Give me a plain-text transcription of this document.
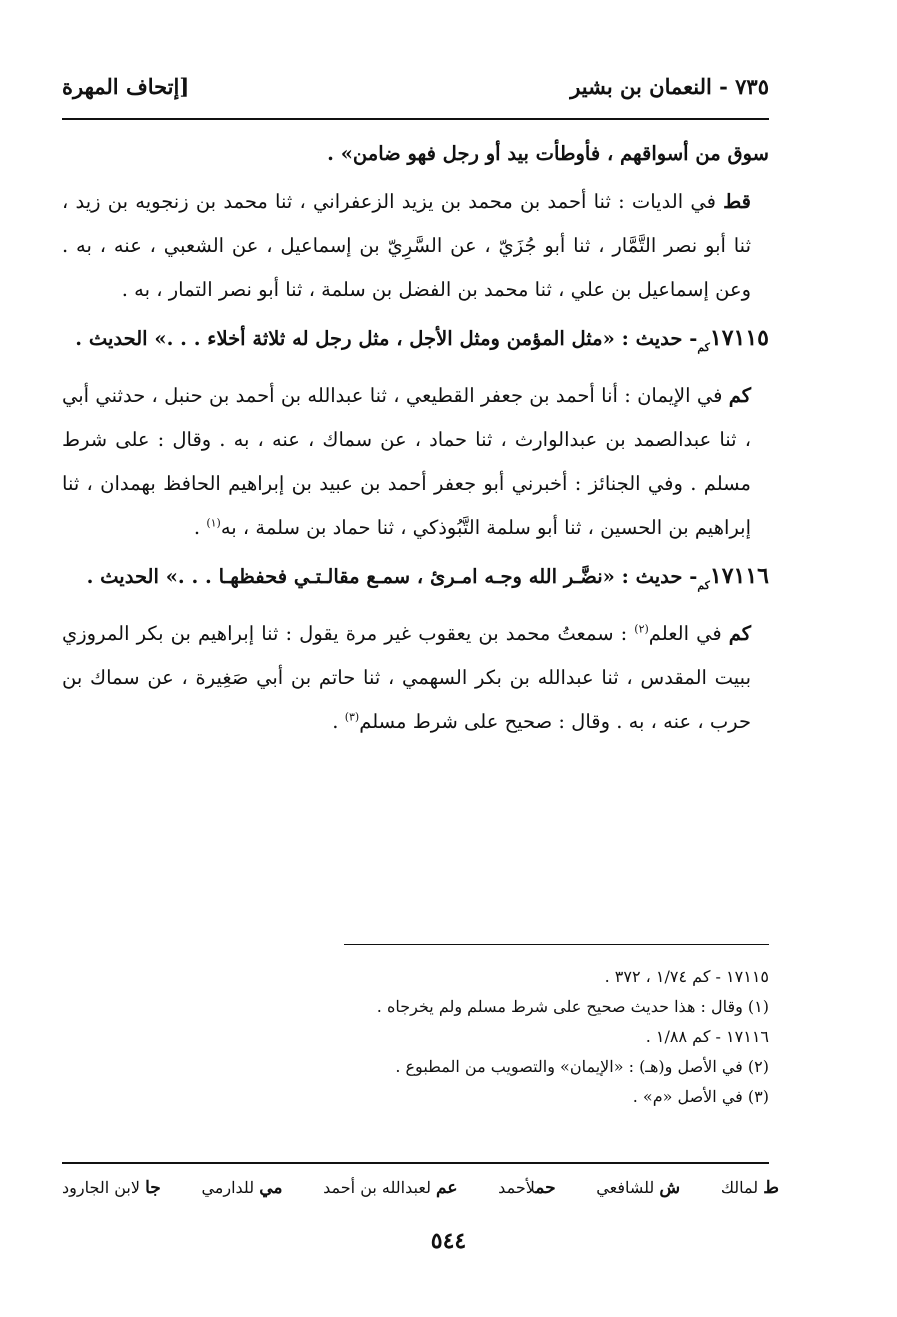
٧٣٥ - النعمان بن بشير
[إتحاف المهرة

سوق من أسواقهم ، فأوطأت بيد أو رجل فهو ضامن» .

قط في الديات : ثنا أحمد بن محمد بن يزيد الزعفراني ، ثنا محمد بن زنجويه بن زيد ، ثنا أبو نصر التَّمَّار ، ثنا أبو جُزَيّ ، عن السَّرِيّ بن إسماعيل ، عن الشعبي ، عنه ، به . وعن إسماعيل بن علي ، ثنا محمد بن الفضل بن سلمة ، ثنا أبو نصر التمار ، به .

$١٧١١٥_{كم}-$ حديث : «مثل المؤمن ومثل الأجل ، مثل رجل له ثلاثة أخلاء . . .» الحديث .

كم في الإيمان : أنا أحمد بن جعفر القطيعي ، ثنا عبدالله بن أحمد بن حنبل ، حدثني أبي ، ثنا عبدالصمد بن عبدالوارث ، ثنا حماد ، عن سماك ، عنه ، به . وقال : على شرط مسلم . وفي الجنائز : أخبرني أبو جعفر أحمد بن عبيد بن إبراهيم الحافظ بهمدان ، ثنا إبراهيم بن الحسين ، ثنا أبو سلمة التَّبُوذكي ، ثنا حماد بن سلمة ، به$^{(١)}$ .

$١٧١١٦_{كم}-$ حديث : «نضَّـر الله وجـه امـرئ ، سمـع مقالـتـي فحفظهـا . . .» الحديث .

كم في العلم$^{(٢)}$ : سمعتُ محمد بن يعقوب غير مرة يقول : ثنا إبراهيم بن بكر المروزي ببيت المقدس ، ثنا عبدالله بن بكر السهمي ، ثنا حاتم بن أبي صَغِيرة ، عن سماك بن حرب ، عنه ، به . وقال : صحيح على شرط مسلم$^{(٣)}$ .

١٧١١٥ - كم ١/٧٤ ، ٣٧٢ .
(١) وقال : هذا حديث صحيح على شرط مسلم ولم يخرجاه .
١٧١١٦ - كم ١/٨٨ .
(٢) في الأصل و(هـ) : «الإيمان» والتصويب من المطبوع .
(٣) في الأصل «م» .
ط لمالك
ش للشافعي
حملأحمد
عم لعبدالله بن أحمد
مي للدارمي
جا لابن الجارود
٥٤٤
